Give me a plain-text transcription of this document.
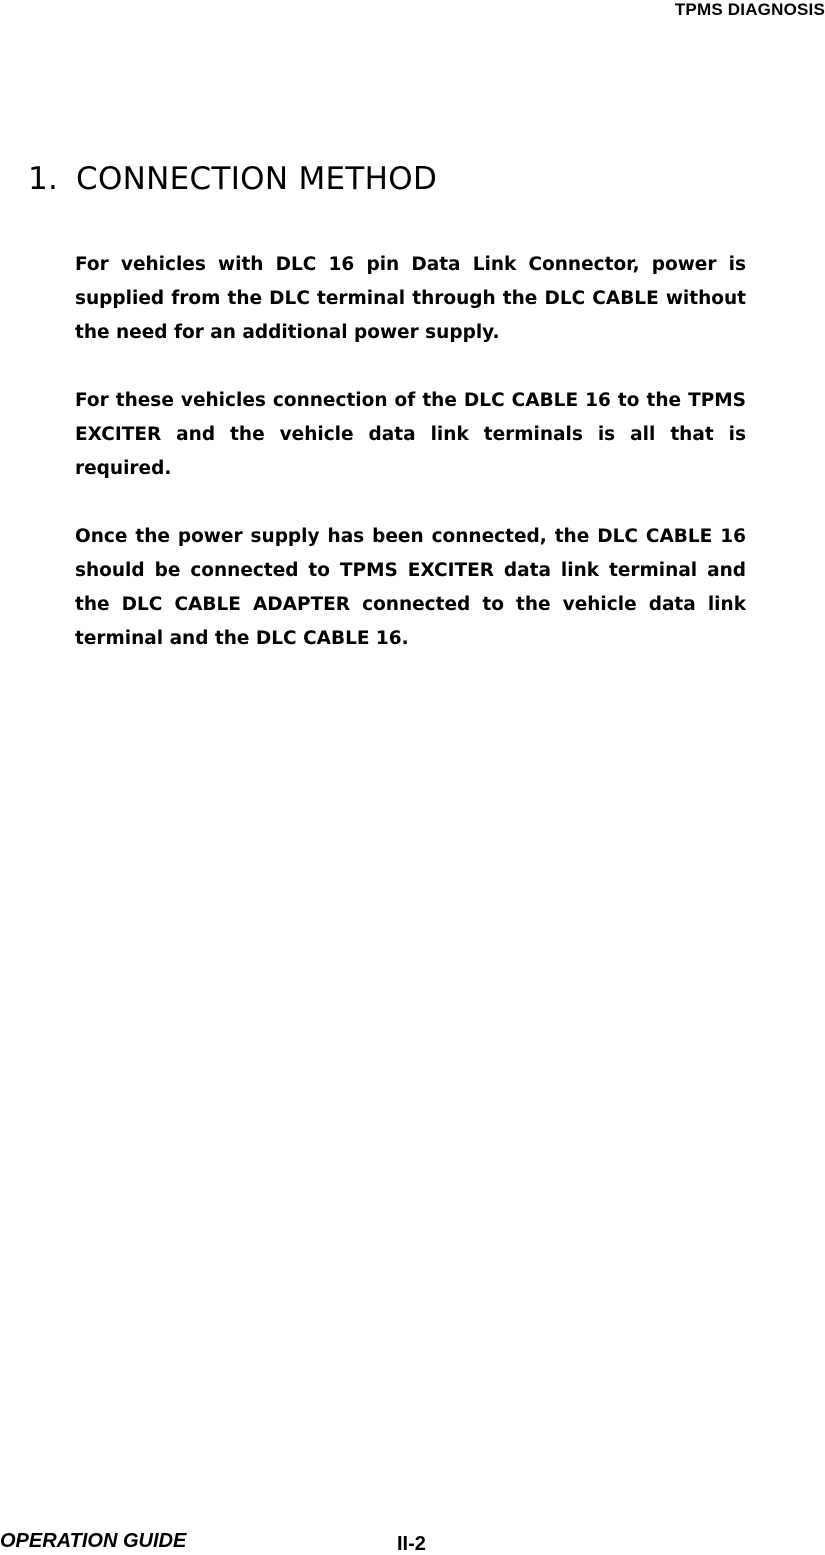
TPMS DIAGNOSIS
1. CONNECTION METHOD

For vehicles with DLC 16 pin Data Link Connector, power is supplied from the DLC terminal through the DLC CABLE without the need for an additional power supply.

For these vehicles connection of the DLC CABLE 16 to the TPMS EXCITER and the vehicle data link terminals is all that is required.

Once the power supply has been connected, the DLC CABLE 16 should be connected to TPMS EXCITER data link terminal and the DLC CABLE ADAPTER connected to the vehicle data link terminal and the DLC CABLE 16.

OPERATION GUIDE	II-2
